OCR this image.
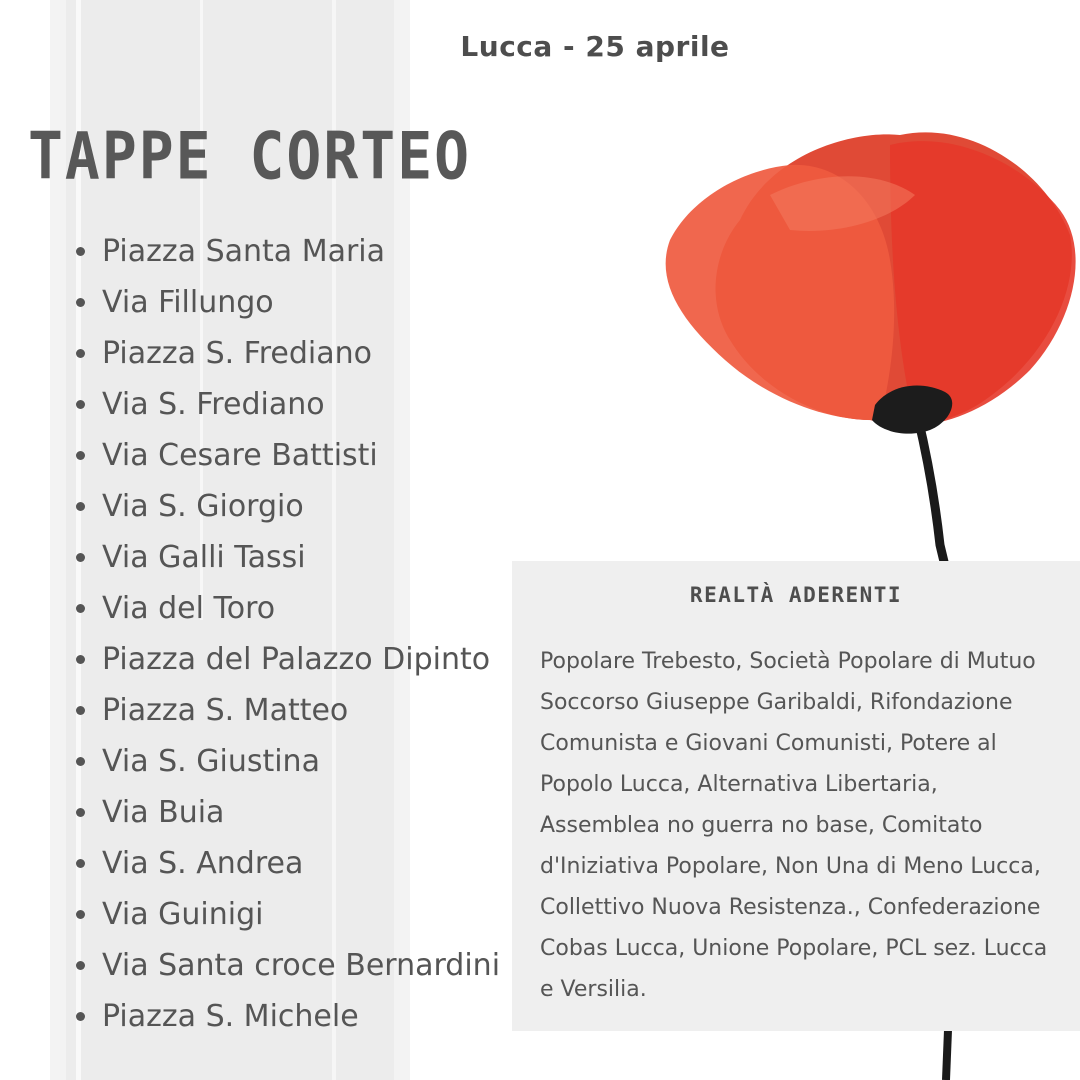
Lucca - 25 aprile
TAPPE CORTEO
Piazza Santa Maria
Via Fillungo
Piazza S. Frediano
Via S. Frediano
Via Cesare Battisti
Via S. Giorgio
Via Galli Tassi
Via del Toro
Piazza del Palazzo Dipinto
Piazza S. Matteo
Via S. Giustina
Via Buia
Via S. Andrea
Via Guinigi
Via Santa croce Bernardini
Piazza S. Michele
REALTÀ ADERENTI

Popolare Trebesto, Società Popolare di Mutuo Soccorso Giuseppe Garibaldi, Rifondazione Comunista e Giovani Comunisti, Potere al Popolo Lucca, Alternativa Libertaria, Assemblea no guerra no base, Comitato d'Iniziativa Popolare, Non Una di Meno Lucca, Collettivo Nuova Resistenza., Confederazione Cobas Lucca, Unione Popolare, PCL sez. Lucca e Versilia.
